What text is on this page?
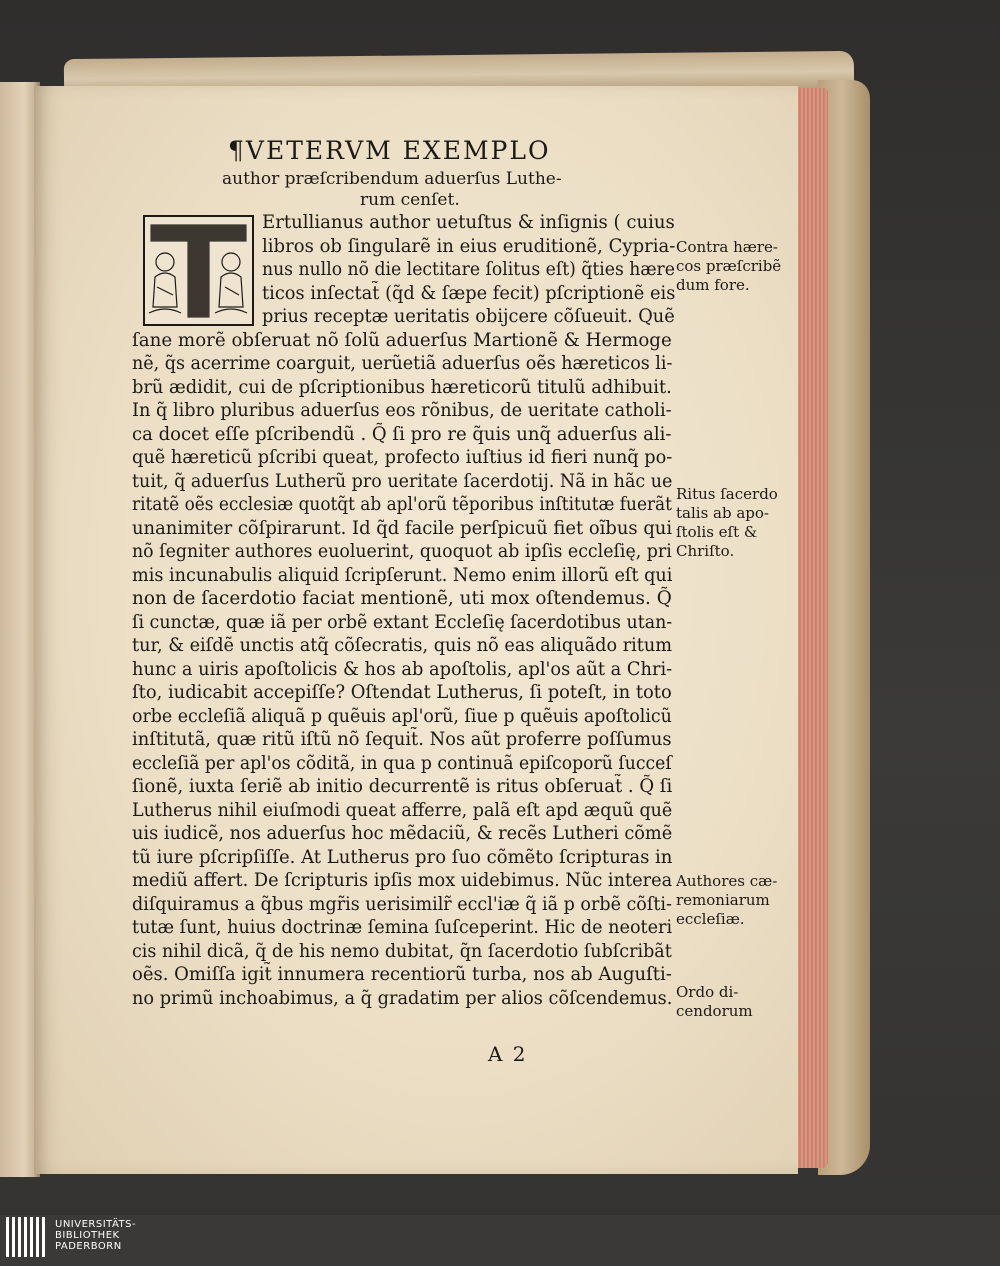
¶VETERVM EXEMPLO
author præſcribendum aduerſus Luthe-
rum cenſet.
Ertullianus author uetuſtus & inſignis ( cuius
libros ob ſingularẽ in eius eruditionẽ, Cypria-
nus nullo nõ die lectitare ſolitus eſt) q̃ties hære
ticos inſectat̃ (q̃d & ſæpe fecit) pſcriptionẽ eis
prius receptæ ueritatis obijcere cõſueuit. Quẽ
ſane morẽ obſeruat nõ ſolũ aduerſus Martionẽ & Hermoge
nẽ, q̃s acerrime coarguit, uerũetiã aduerſus oẽs hæreticos li-
brũ ædidit, cui de pſcriptionibus hæreticorũ titulũ adhibuit.
In q̃ libro pluribus aduerſus eos rõnibus, de ueritate catholi-
ca docet eſſe pſcribendũ . Q̃ ſi pro re q̃uis unq̃ aduerſus ali-
quẽ hæreticũ pſcribi queat, profecto iuſtius id fieri nunq̃ po-
tuit, q̃ aduerſus Lutherũ pro ueritate ſacerdotij. Nã in hãc ue
ritatẽ oẽs ecclesiæ quotq̃t ab apl'orũ tẽporibus inſtitutæ fuerãt
unanimiter cõſpirarunt. Id q̃d facile perſpicuũ fiet oĩbus qui
nõ ſegniter authores euoluerint, quoquot ab ipſis eccleſię, pri
mis incunabulis aliquid ſcripſerunt. Nemo enim illorũ eſt qui
non de ſacerdotio faciat mentionẽ, uti mox oſtendemus. Q̃
ſi cunctæ, quæ iã per orbẽ extant Eccleſię ſacerdotibus utan-
tur, & eiſdẽ unctis atq̃ cõſecratis, quis nõ eas aliquãdo ritum
hunc a uiris apoſtolicis & hos ab apoſtolis, apl'os aũt a Chri-
ſto, iudicabit accepiſſe? Oſtendat Lutherus, ſi poteſt, in toto
orbe eccleſiã aliquã p quẽuis apl'orũ, ſiue p quẽuis apoſtolicũ
inſtitutã, quæ ritũ iſtũ nõ ſequit̃. Nos aũt proferre poſſumus
eccleſiã per apl'os cõditã, in qua p continuã epiſcoporũ ſucceſ
ſionẽ, iuxta ſeriẽ ab initio decurrentẽ is ritus obſeruat̃ . Q̃ ſi
Lutherus nihil eiuſmodi queat afferre, palã eſt apd æquũ quẽ
uis iudicẽ, nos aduerſus hoc mẽdaciũ, & recẽs Lutheri cõmẽ
tũ iure pſcripſiſſe. At Lutherus pro ſuo cõmẽto ſcripturas in
mediũ affert. De ſcripturis ipſis mox uidebimus. Nũc interea
diſquiramus a q̃bus mgr̃is uerisimilr̃ eccl'iæ q̃ iã p orbẽ cõſti-
tutæ ſunt, huius doctrinæ ſemina ſuſceperint. Hic de neoteri
cis nihil dicã, q̃ de his nemo dubitat, q̃n ſacerdotio ſubſcribãt
oẽs. Omiſſa igit̃ innumera recentiorũ turba, nos ab Auguſti-
no primũ inchoabimus, a q̃ gradatim per alios cõſcendemus.
Contra hære-
cos præſcribẽ
dum fore.
Ritus ſacerdo
talis ab apo-
ſtolis eſt &
Chriſto.
Authores cæ-
remoniarum
eccleſiæ.
Ordo di-
cendorum
A 2
UNIVERSITÄTS-
BIBLIOTHEK
PADERBORN
